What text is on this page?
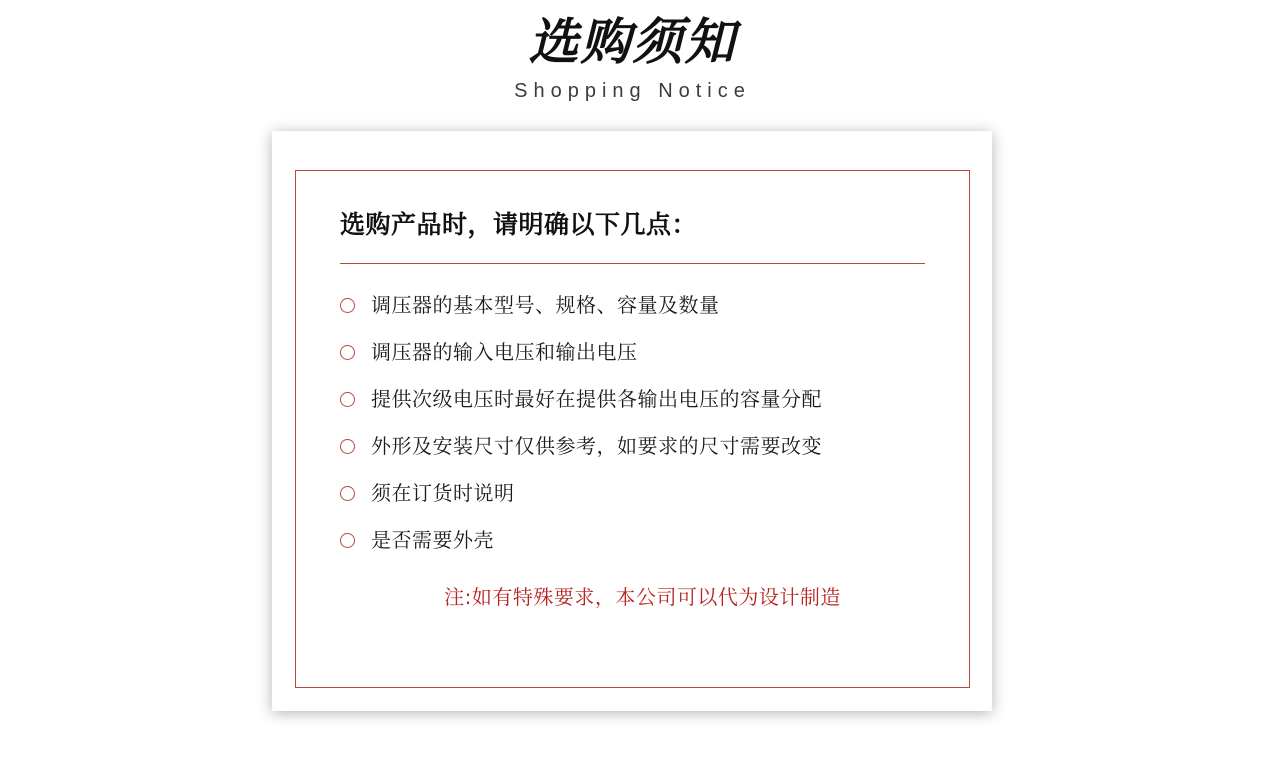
选购须知
Shopping Notice
选购产品时，请明确以下几点：
调压器的基本型号、规格、容量及数量
调压器的输入电压和输出电压
提供次级电压时最好在提供各输出电压的容量分配
外形及安装尺寸仅供参考，如要求的尺寸需要改变
须在订货时说明
是否需要外壳
注:如有特殊要求，本公司可以代为设计制造
